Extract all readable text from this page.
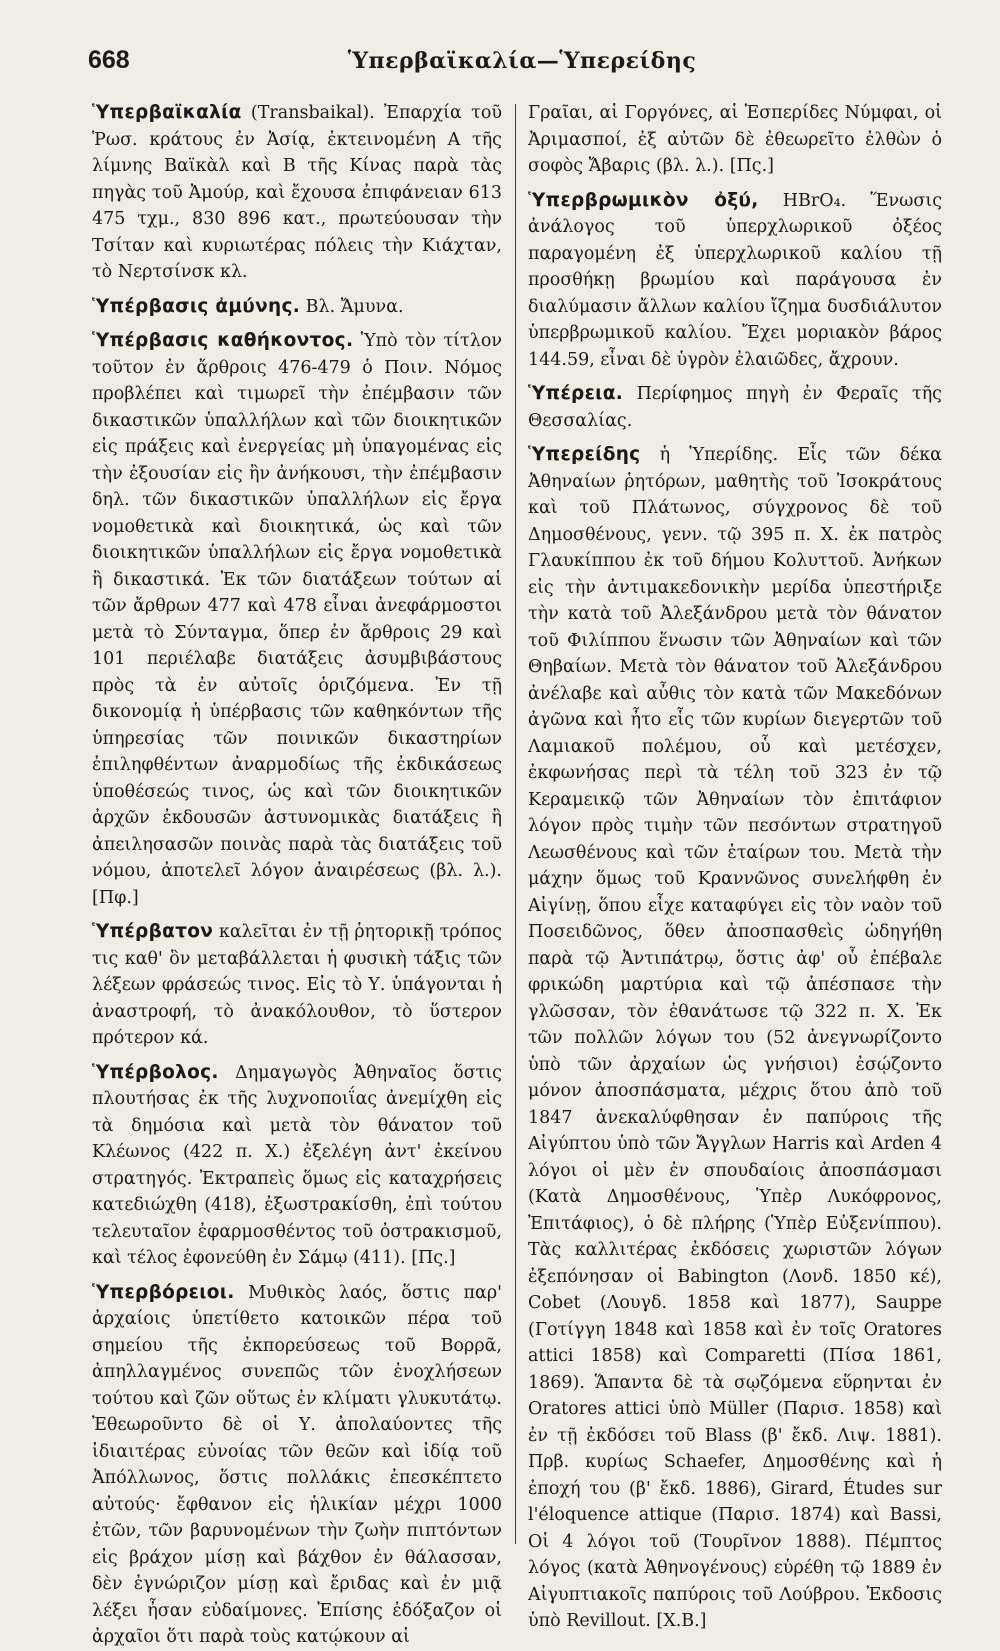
668	Ὑπερβαϊκαλία—Ὑπερείδης

Ὑπερβαϊκαλία (Transbaikal). Ἐπαρχία τοῦ Ῥωσ. κράτους ἐν Ἀσίᾳ, ἐκτεινομένη Α τῆς λίμνης Βαϊκὰλ καὶ Β τῆς Κίνας παρὰ τὰς πηγὰς τοῦ Ἀμούρ, καὶ ἔχουσα ἐπιφάνειαν 613 475 τχμ., 830 896 κατ., πρωτεύουσαν τὴν Τσίταν καὶ κυριωτέρας πόλεις τὴν Κιάχταν, τὸ Νερτσίνσκ κλ.

Ὑπέρβασις ἀμύνης. Βλ. Ἄμυνα.

Ὑπέρβασις καθήκοντος. Ὑπὸ τὸν τίτλον τοῦτον ἐν ἄρθροις 476-479 ὁ Ποιν. Νόμος προβλέπει καὶ τιμωρεῖ τὴν ἐπέμβασιν τῶν δικαστικῶν ὑπαλλήλων καὶ τῶν διοικητικῶν εἰς πράξεις καὶ ἐνεργείας μὴ ὑπαγομένας εἰς τὴν ἐξουσίαν εἰς ἣν ἀνήκουσι, τὴν ἐπέμβασιν δηλ. τῶν δικαστικῶν ὑπαλλήλων εἰς ἔργα νομοθετικὰ καὶ διοικητικά, ὡς καὶ τῶν διοικητικῶν ὑπαλλήλων εἰς ἔργα νομοθετικὰ ἢ δικαστικά. Ἐκ τῶν διατάξεων τούτων αἱ τῶν ἄρθρων 477 καὶ 478 εἶναι ἀνεφάρμοστοι μετὰ τὸ Σύνταγμα, ὅπερ ἐν ἄρθροις 29 καὶ 101 περιέλαβε διατάξεις ἀσυμβιβάστους πρὸς τὰ ἐν αὐτοῖς ὁριζόμενα. Ἐν τῇ δικονομίᾳ ἡ ὑπέρβασις τῶν καθηκόντων τῆς ὑπηρεσίας τῶν ποινικῶν δικαστηρίων ἐπιληφθέντων ἀναρμοδίως τῆς ἐκδικάσεως ὑποθέσεώς τινος, ὡς καὶ τῶν διοικητικῶν ἀρχῶν ἐκδουσῶν ἀστυνομικὰς διατάξεις ἢ ἀπειλησασῶν ποινὰς παρὰ τὰς διατάξεις τοῦ νόμου, ἀποτελεῖ λόγον ἀναιρέσεως (βλ. λ.). [Πφ.]

Ὑπέρβατον καλεῖται ἐν τῇ ῥητορικῇ τρόπος τις καθ' ὃν μεταβάλλεται ἡ φυσικὴ τάξις τῶν λέξεων φράσεώς τινος. Εἰς τὸ Υ. ὑπάγονται ἡ ἀναστροφή, τὸ ἀνακόλουθον, τὸ ὕστερον πρότερον κά.

Ὑπέρβολος. Δημαγωγὸς Ἀθηναῖος ὅστις πλουτήσας ἐκ τῆς λυχνοποιΐας ἀνεμίχθη εἰς τὰ δημόσια καὶ μετὰ τὸν θάνατον τοῦ Κλέωνος (422 π. Χ.) ἐξελέγη ἀντ' ἐκείνου στρατηγός. Ἐκτραπεὶς ὅμως εἰς καταχρήσεις κατεδιώχθη (418), ἐξωστρακίσθη, ἐπὶ τούτου τελευταῖον ἐφαρμοσθέντος τοῦ ὀστρακισμοῦ, καὶ τέλος ἐφονεύθη ἐν Σάμῳ (411). [Πς.]

Ὑπερβόρειοι. Μυθικὸς λαός, ὅστις παρ' ἀρχαίοις ὑπετίθετο κατοικῶν πέρα τοῦ σημείου τῆς ἐκπορεύσεως τοῦ Βορρᾶ, ἀπηλλαγμένος συνεπῶς τῶν ἐνοχλήσεων τούτου καὶ ζῶν οὕτως ἐν κλίματι γλυκυτάτῳ. Ἐθεωροῦντο δὲ οἱ Υ. ἀπολαύοντες τῆς ἰδιαιτέρας εὐνοίας τῶν θεῶν καὶ ἰδίᾳ τοῦ Ἀπόλλωνος, ὅστις πολλάκις ἐπεσκέπτετο αὐτούς· ἔφθανον εἰς ἡλικίαν μέχρι 1000 ἐτῶν, τῶν βαρυνομένων τὴν ζωὴν πιπτόντων εἰς βράχον μίσῃ καὶ βάχθον ἐν θάλασσαν, δὲν ἐγνώριζον μίσῃ καὶ ἔριδας καὶ ἐν μιᾷ λέξει ἦσαν εὐδαίμονες. Ἐπίσης ἐδόξαζον οἱ ἀρχαῖοι ὅτι παρὰ τοὺς κατῴκουν αἱ

Γραῖαι, αἱ Γοργόνες, αἱ Ἑσπερίδες Νύμφαι, οἱ Ἀριμασποί, ἐξ αὐτῶν δὲ ἐθεωρεῖτο ἐλθὼν ὁ σοφὸς Ἄβαρις (βλ. λ.). [Πς.]

Ὑπερβρωμικὸν ὀξύ, HBrO₄. Ἕνωσις ἀνάλογος τοῦ ὑπερχλωρικοῦ ὀξέος παραγομένη ἐξ ὑπερχλωρικοῦ καλίου τῇ προσθήκῃ βρωμίου καὶ παράγουσα ἐν διαλύμασιν ἄλλων καλίου ἴζημα δυσδιάλυτον ὑπερβρωμικοῦ καλίου. Ἔχει μοριακὸν βάρος 144.59, εἶναι δὲ ὑγρὸν ἐλαιῶδες, ἄχρουν.

Ὑπέρεια. Περίφημος πηγὴ ἐν Φεραῖς τῆς Θεσσαλίας.

Ὑπερείδης ἡ Ὑπερίδης. Εἷς τῶν δέκα Ἀθηναίων ῥητόρων, μαθητὴς τοῦ Ἰσοκράτους καὶ τοῦ Πλάτωνος, σύγχρονος δὲ τοῦ Δημοσθένους, γενν. τῷ 395 π. Χ. ἐκ πατρὸς Γλαυκίππου ἐκ τοῦ δήμου Κολυττοῦ. Ἀνήκων εἰς τὴν ἀντιμακεδονικὴν μερίδα ὑπεστήριξε τὴν κατὰ τοῦ Ἀλεξάνδρου μετὰ τὸν θάνατον τοῦ Φιλίππου ἕνωσιν τῶν Ἀθηναίων καὶ τῶν Θηβαίων. Μετὰ τὸν θάνατον τοῦ Ἀλεξάνδρου ἀνέλαβε καὶ αὖθις τὸν κατὰ τῶν Μακεδόνων ἀγῶνα καὶ ἦτο εἷς τῶν κυρίων διεγερτῶν τοῦ Λαμιακοῦ πολέμου, οὗ καὶ μετέσχεν, ἐκφωνήσας περὶ τὰ τέλη τοῦ 323 ἐν τῷ Κεραμεικῷ τῶν Ἀθηναίων τὸν ἐπιτάφιον λόγον πρὸς τιμὴν τῶν πεσόντων στρατηγοῦ Λεωσθένους καὶ τῶν ἑταίρων του. Μετὰ τὴν μάχην ὅμως τοῦ Κραννῶνος συνελήφθη ἐν Αἰγίνῃ, ὅπου εἶχε καταφύγει εἰς τὸν ναὸν τοῦ Ποσειδῶνος, ὅθεν ἀποσπασθεὶς ὡδηγήθη παρὰ τῷ Ἀντιπάτρῳ, ὅστις ἀφ' οὗ ἐπέβαλε φρικώδη μαρτύρια καὶ τῷ ἀπέσπασε τὴν γλῶσσαν, τὸν ἐθανάτωσε τῷ 322 π. Χ. Ἐκ τῶν πολλῶν λόγων του (52 ἀνεγνωρίζοντο ὑπὸ τῶν ἀρχαίων ὡς γνήσιοι) ἐσῴζοντο μόνον ἀποσπάσματα, μέχρις ὅτου ἀπὸ τοῦ 1847 ἀνεκαλύφθησαν ἐν παπύροις τῆς Αἰγύπτου ὑπὸ τῶν Ἄγγλων Harris καὶ Arden 4 λόγοι οἱ μὲν ἐν σπουδαίοις ἀποσπάσμασι (Κατὰ Δημοσθένους, Ὑπὲρ Λυκόφρονος, Ἐπιτάφιος), ὁ δὲ πλήρης (Ὑπὲρ Εὐξενίππου). Τὰς καλλιτέρας ἐκδόσεις χωριστῶν λόγων ἐξεπόνησαν οἱ Babington (Λονδ. 1850 κέ), Cobet (Λουγδ. 1858 καὶ 1877), Sauppe (Γοτίγγη 1848 καὶ 1858 καὶ ἐν τοῖς Oratores attici 1858) καὶ Comparetti (Πίσα 1861, 1869). Ἅπαντα δὲ τὰ σῳζόμενα εὕρηνται ἐν Oratores attici ὑπὸ Müller (Παρισ. 1858) καὶ ἐν τῇ ἐκδόσει τοῦ Blass (β' ἔκδ. Λιψ. 1881). Πρβ. κυρίως Schaefer, Δημοσθένης καὶ ἡ ἐποχή του (β' ἔκδ. 1886), Girard, Études sur l'éloquence attique (Παρισ. 1874) καὶ Bassi, Οἱ 4 λόγοι τοῦ (Τουρῖνον 1888). Πέμπτος λόγος (κατὰ Ἀθηνογένους) εὑρέθη τῷ 1889 ἐν Αἰγυπτιακοῖς παπύροις τοῦ Λούβρου. Ἐκδοσις ὑπὸ Revillout. [Χ.Β.]
